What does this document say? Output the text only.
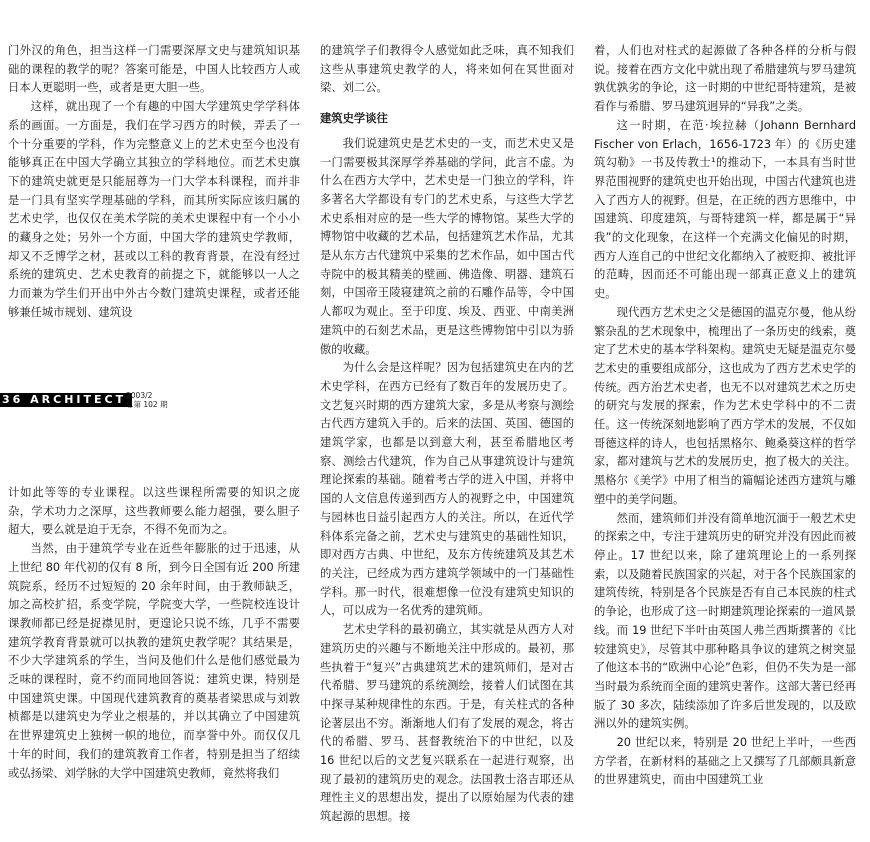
门外汉的角色，担当这样一门需要深厚文史与建筑知识基础的课程的教学的呢？答案可能是，中国人比较西方人或日本人更聪明一些，或者是更大胆一些。

这样，就出现了一个有趣的中国大学建筑史学学科体系的画面。一方面是，我们在学习西方的时候，弄丢了一个十分重要的学科，作为完整意义上的艺术史至今也没有能够真正在中国大学确立其独立的学科地位。而艺术史旗下的建筑史就更是只能屈尊为一门大学本科课程，而并非是一门具有坚实学理基础的学科，而其所实际应该归属的艺术史学，也仅仅在美术学院的美术史课程中有一个小小的藏身之处；另外一个方面，中国大学的建筑史学教师，却又不乏博学之材，甚或以工科的教育背景，在没有经过系统的建筑史、艺术史教育的前提之下，就能够以一人之力而兼为学生们开出中外古今数门建筑史课程，或者还能够兼任城市规划、建筑设

36 ARCHITECT 2003/2
总第 102 期

计如此等等的专业课程。以这些课程所需要的知识之庞杂，学术功力之深厚，这些教师要么能力超强，要么胆子超大，要么就是迫于无奈，不得不免而为之。

当然，由于建筑学专业在近些年膨胀的过于迅速，从上世纪 80 年代初的仅有 8 所，到今日全国有近 200 所建筑院系，经历不过短短的 20 余年时间，由于教师缺乏，加之高校扩招，系变学院，学院变大学，一些院校连设计课教师都已经是捉襟见肘，更遑论只说不练，几乎不需要建筑学教育背景就可以执教的建筑史教学呢？其结果是，不少大学建筑系的学生，当问及他们什么是他们感觉最为乏味的课程时，竟不约而同地回答说：建筑史课，特别是中国建筑史课。中国现代建筑教育的奠基者梁思成与刘敦桢都是以建筑史为学业之根基的，并以其确立了中国建筑在世界建筑史上独树一帜的地位，而享誉中外。而仅仅几十年的时间，我们的建筑教育工作者，特别是担当了绍续或弘扬梁、刘学脉的大学中国建筑史教师，竟然将我们

的建筑学子们教得令人感觉如此乏味，真不知我们这些从事建筑史教学的人，将来如何在冥世面对梁、刘二公。

建筑史学谈往

我们说建筑史是艺术史的一支，而艺术史又是一门需要极其深厚学养基础的学问，此言不虚。为什么在西方大学中，艺术史是一门独立的学科，许多著名大学都设有专门的艺术史系，与这些大学艺术史系相对应的是一些大学的博物馆。某些大学的博物馆中收藏的艺术品，包括建筑艺术作品，尤其是从东方古代建筑中采集的艺术作品，如中国古代寺院中的极其精美的壁画、佛造像、明器、建筑石刻，中国帝王陵寝建筑之前的石雕作品等，令中国人都叹为观止。至于印度、埃及、西亚、中南美洲建筑中的石刻艺术品，更是这些博物馆中引以为骄傲的收藏。

为什么会是这样呢？因为包括建筑史在内的艺术史学科，在西方已经有了数百年的发展历史了。文艺复兴时期的西方建筑大家，多是从考察与测绘古代西方建筑入手的。后来的法国、英国、德国的建筑学家，也都是以到意大利，甚至希腊地区考察、测绘古代建筑，作为自己从事建筑设计与建筑理论探索的基础。随着考古学的进入中国，并将中国的人文信息传递到西方人的视野之中，中国建筑与园林也日益引起西方人的关注。所以，在近代学科体系完备之前，艺术史与建筑史的基础性知识，即对西方古典、中世纪，及东方传统建筑及其艺术的关注，已经成为西方建筑学领域中的一门基础性学科。那一时代，很难想像一位没有建筑史知识的人，可以成为一名优秀的建筑师。

艺术史学科的最初确立，其实就是从西方人对建筑历史的兴趣与不断地关注中形成的。最初，那些执着于“复兴”古典建筑艺术的建筑师们，是对古代希腊、罗马建筑的系统测绘，接着人们试图在其中探寻某种规律性的东西。于是，有关柱式的各种论著层出不穷。渐渐地人们有了发展的观念，将古代的希腊、罗马、甚督教统治下的中世纪，以及 16 世纪以后的文艺复兴联系在一起进行观察，出现了最初的建筑历史的观念。法国教士洛吉耶还从理性主义的思想出发，提出了以原始屋为代表的建筑起源的思想。接

着，人们也对柱式的起源做了各种各样的分析与假说。接着在西方文化中就出现了希腊建筑与罗马建筑孰优孰劣的争论，这一时期的中世纪哥特建筑，是被看作与希腊、罗马建筑迥异的“异我”之类。

这一时期，在范·埃拉赫（Johann Bernhard Fischer von Erlach，1656-1723 年）的《历史建筑勾勒》一书及传教士¹的推动下，一本具有当时世界范围视野的建筑史也开始出现，中国古代建筑也进入了西方人的视野。但是，在正统的西方思维中，中国建筑、印度建筑，与哥特建筑一样，都是属于“异我”的文化现象，在这样一个充满文化偏见的时期，西方人连自己的中世纪文化都纳入了被贬抑、被批评的范畴，因而还不可能出现一部真正意义上的建筑史。

现代西方艺术史之父是德国的温克尔曼，他从纷繁杂乱的艺术现象中，梳理出了一条历史的线索，奠定了艺术史的基本学科架构。建筑史无疑是温克尔曼艺术史的重要组成部分，这也成为了西方艺术史学的传统。西方治艺术史者，也无不以对建筑艺术之历史的研究与发展的探索，作为艺术史学科中的不二责任。这一传统深刻地影响了西方学术的发展，不仅如哥德这样的诗人，也包括黑格尔、鲍桑葵这样的哲学家，都对建筑与艺术的发展历史，抱了极大的关注。黑格尔《美学》中用了相当的篇幅论述西方建筑与雕塑中的美学问题。

然而，建筑师们并没有简单地沉湎于一般艺术史的探索之中，专注于建筑历史的研究并没有因此而被停止。17 世纪以来，除了建筑理论上的一系列探索，以及随着民族国家的兴起，对于各个民族国家的建筑传统，特别是各个民族是否有自己本民族的柱式的争论，也形成了这一时期建筑理论探索的一道风景线。而 19 世纪下半叶由英国人弗兰西斯撰著的《比较建筑史》，尽管其中那种略具争议的建筑之树突显了他这本书的“欧洲中心论”色彩，但仍不失为是一部当时最为系统而全面的建筑史著作。这部大著已经再版了 30 多次，陆续添加了许多后世发现的，以及欧洲以外的建筑实例。

20 世纪以来，特别是 20 世纪上半叶，一些西方学者，在新材料的基础之上又撰写了几部颇具新意的世界建筑史，而由中国建筑工业
